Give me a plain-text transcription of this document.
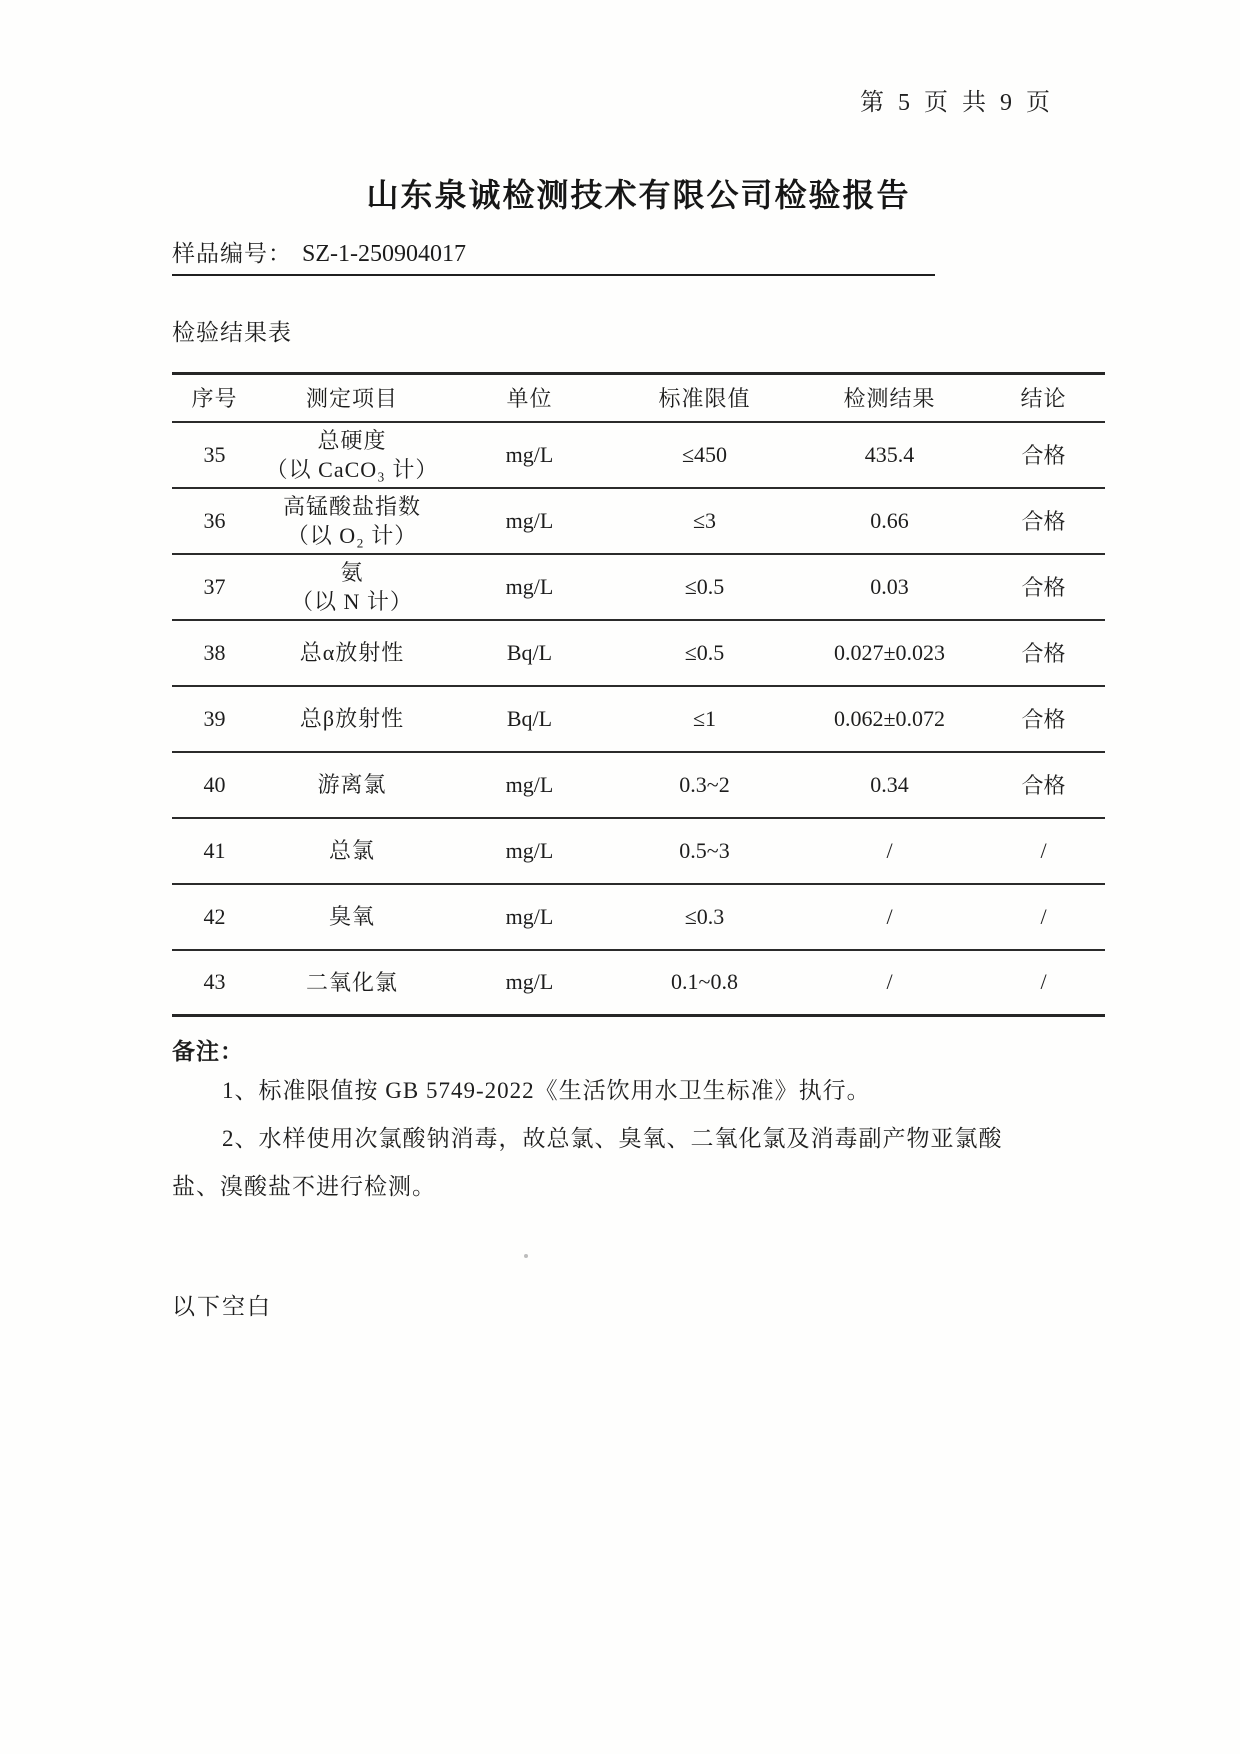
第 5 页 共 9 页
山东泉诚检测技术有限公司检验报告
样品编号： SZ-1-250904017
检验结果表
序号	测定项目	单位	标准限值	检测结果	结论
35	总硬度
（以 CaCO₃ 计）	mg/L	≤450	435.4	合格
36	高锰酸盐指数
（以 O₂ 计）	mg/L	≤3	0.66	合格
37	氨
（以 N 计）	mg/L	≤0.5	0.03	合格
38	总α放射性	Bq/L	≤0.5	0.027±0.023	合格
39	总β放射性	Bq/L	≤1	0.062±0.072	合格
40	游离氯	mg/L	0.3~2	0.34	合格
41	总氯	mg/L	0.5~3	/	/
42	臭氧	mg/L	≤0.3	/	/
43	二氧化氯	mg/L	0.1~0.8	/	/
备注：
1、标准限值按 GB 5749-2022《生活饮用水卫生标准》执行。
2、水样使用次氯酸钠消毒，故总氯、臭氧、二氧化氯及消毒副产物亚氯酸
盐、溴酸盐不进行检测。
以下空白
